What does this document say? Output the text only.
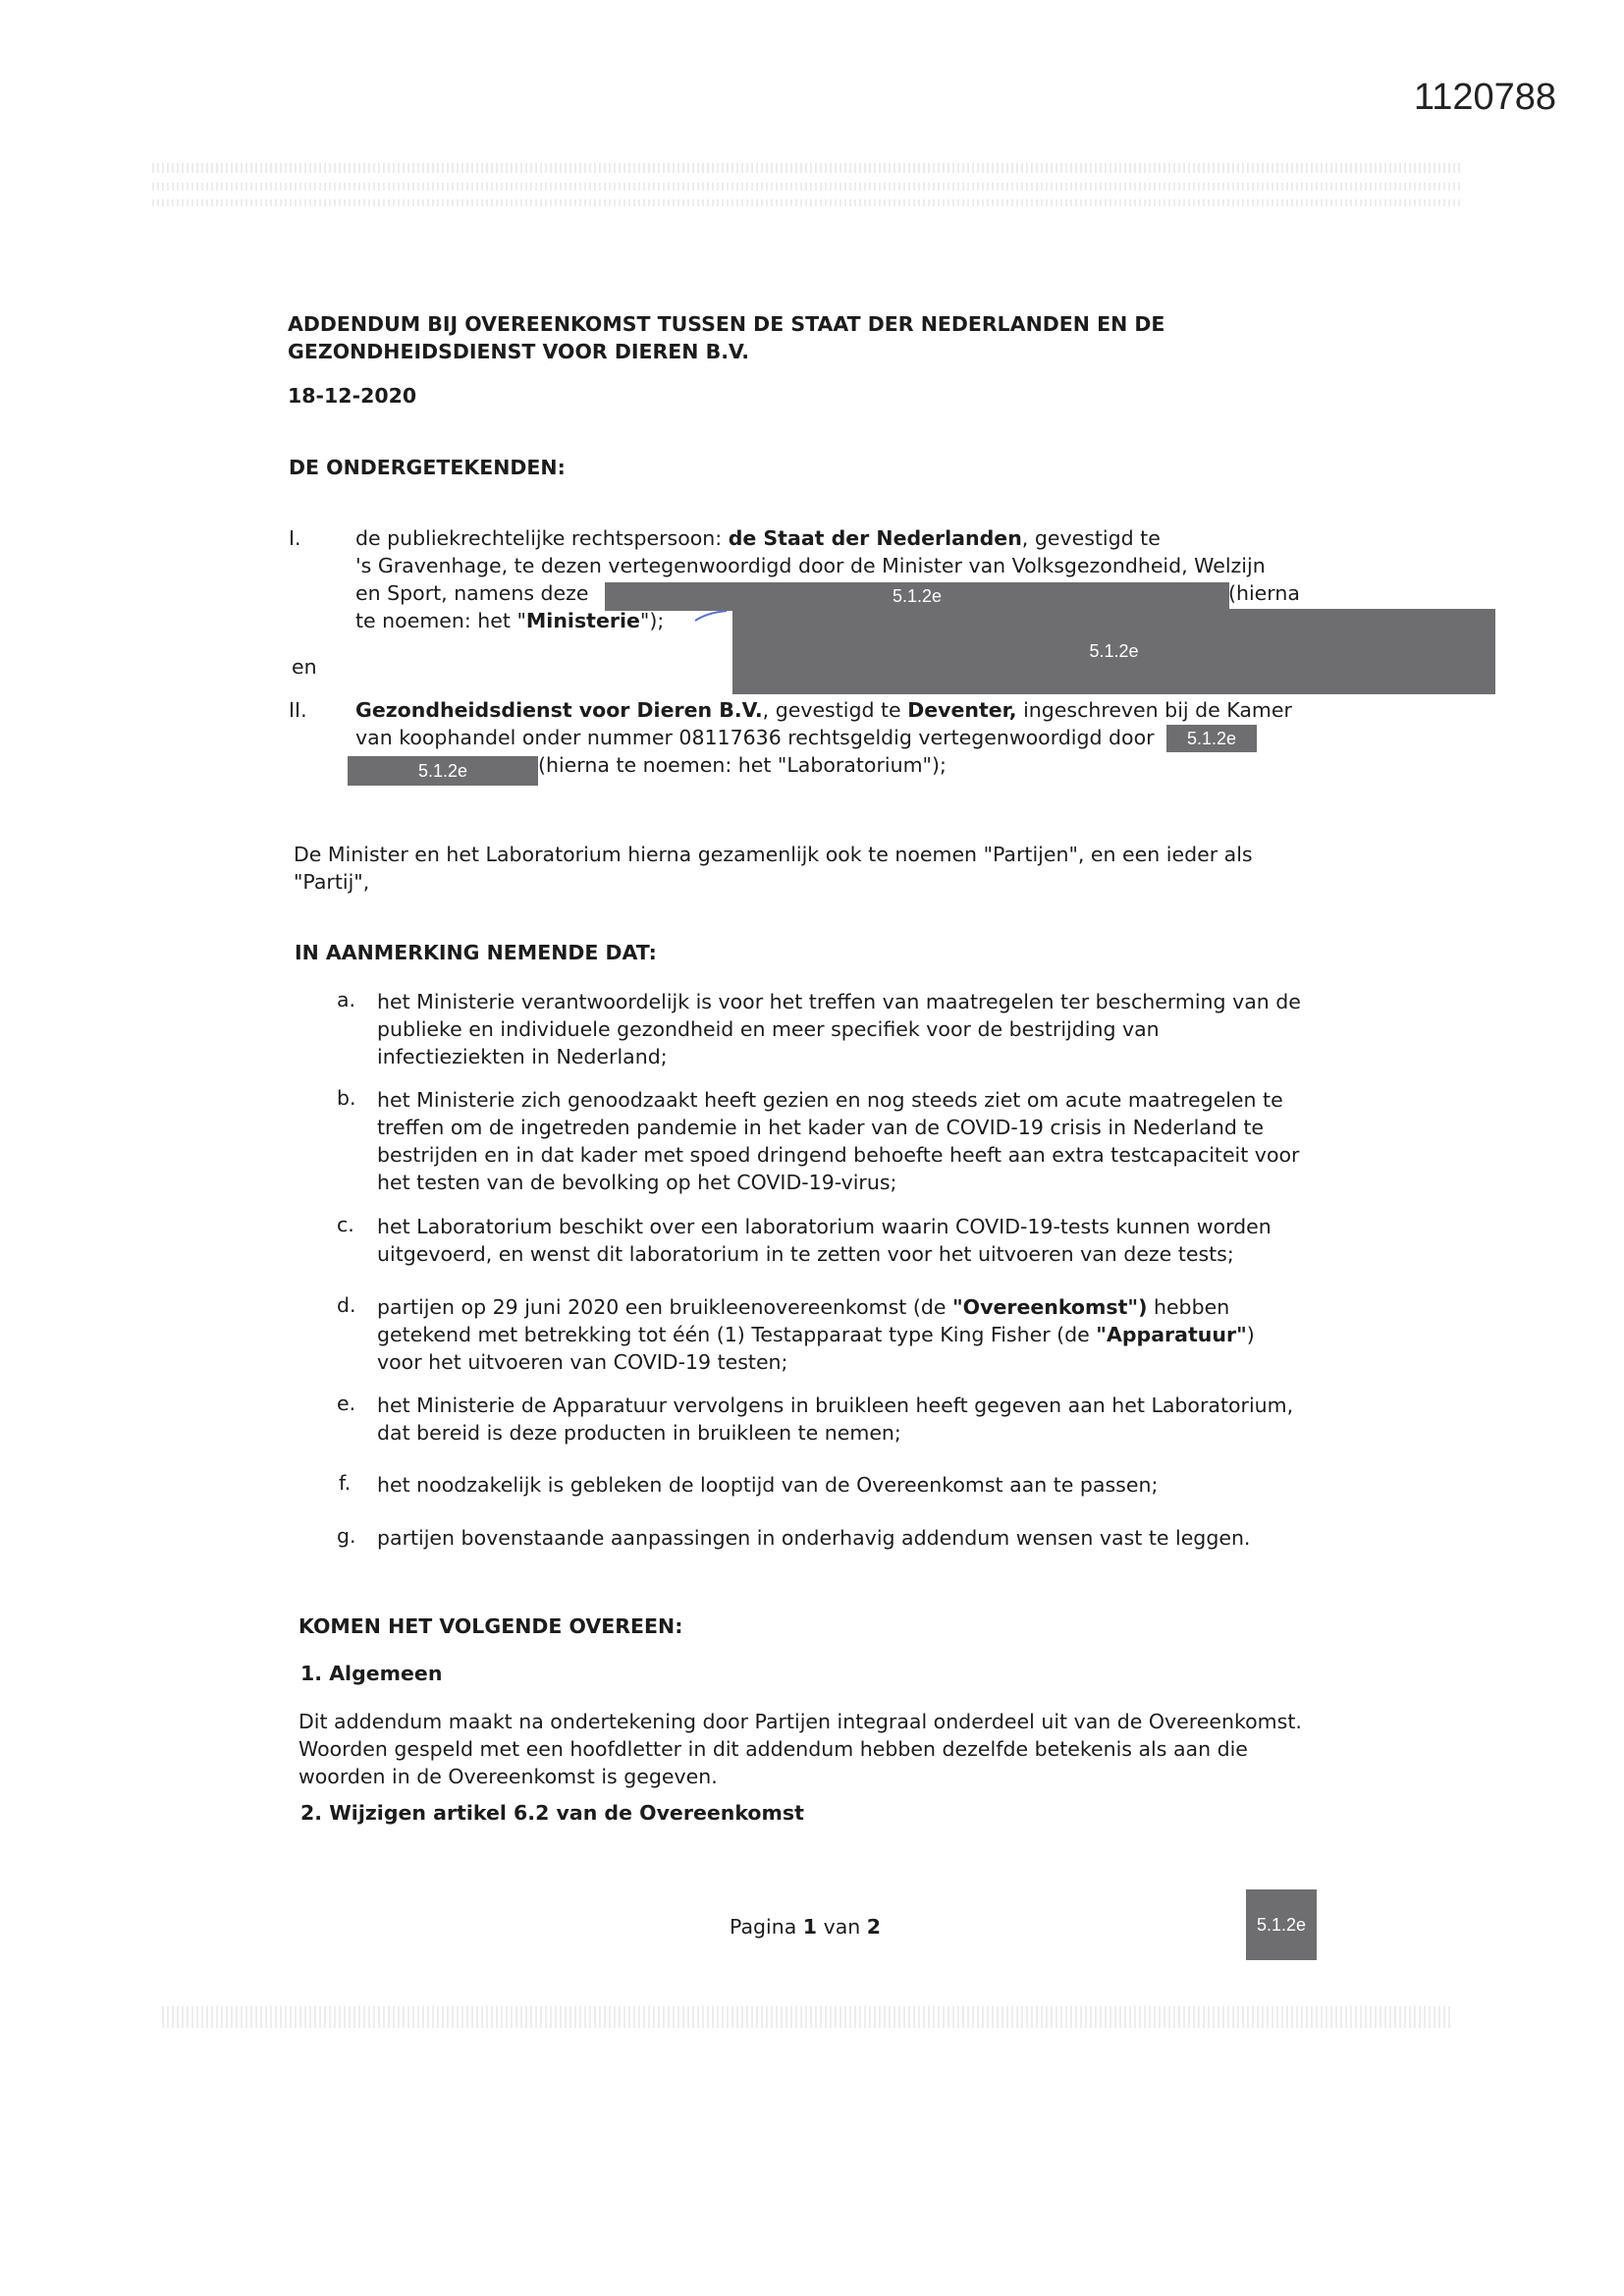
1120788
ADDENDUM BIJ OVEREENKOMST TUSSEN DE STAAT DER NEDERLANDEN EN DE
GEZONDHEIDSDIENST VOOR DIEREN B.V.
18-12-2020
DE ONDERGETEKENDEN:
I.	de publiekrechtelijke rechtspersoon: de Staat der Nederlanden, gevestigd te
's Gravenhage, te dezen vertegenwoordigd door de Minister van Volksgezondheid, Welzijn
en Sport, namens deze	5.1.2e	(hierna
te noemen: het "Ministerie");
5.1.2e
en
II. Gezondheidsdienst voor Dieren B.V., gevestigd te Deventer, ingeschreven bij de Kamer
van koophandel onder nummer 08117636 rechtsgeldig vertegenwoordigd door	5.1.2e
5.1.2e	(hierna te noemen: het "Laboratorium");
De Minister en het Laboratorium hierna gezamenlijk ook te noemen "Partijen", en een ieder als
"Partij",
IN AANMERKING NEMENDE DAT:
a. het Ministerie verantwoordelijk is voor het treffen van maatregelen ter bescherming van de
publieke en individuele gezondheid en meer specifiek voor de bestrijding van
infectieziekten in Nederland;
b. het Ministerie zich genoodzaakt heeft gezien en nog steeds ziet om acute maatregelen te
treffen om de ingetreden pandemie in het kader van de COVID-19 crisis in Nederland te
bestrijden en in dat kader met spoed dringend behoefte heeft aan extra testcapaciteit voor
het testen van de bevolking op het COVID-19-virus;
c. het Laboratorium beschikt over een laboratorium waarin COVID-19-tests kunnen worden
uitgevoerd, en wenst dit laboratorium in te zetten voor het uitvoeren van deze tests;
d. partijen op 29 juni 2020 een bruikleenovereenkomst (de "Overeenkomst") hebben
getekend met betrekking tot één (1) Testapparaat type King Fisher (de "Apparatuur")
voor het uitvoeren van COVID-19 testen;
e. het Ministerie de Apparatuur vervolgens in bruikleen heeft gegeven aan het Laboratorium,
dat bereid is deze producten in bruikleen te nemen;
f. het noodzakelijk is gebleken de looptijd van de Overeenkomst aan te passen;
g. partijen bovenstaande aanpassingen in onderhavig addendum wensen vast te leggen.
KOMEN HET VOLGENDE OVEREEN:
1. Algemeen
Dit addendum maakt na ondertekening door Partijen integraal onderdeel uit van de Overeenkomst.
Woorden gespeld met een hoofdletter in dit addendum hebben dezelfde betekenis als aan die
woorden in de Overeenkomst is gegeven.
2. Wijzigen artikel 6.2 van de Overeenkomst
Pagina 1 van 2	5.1.2e
